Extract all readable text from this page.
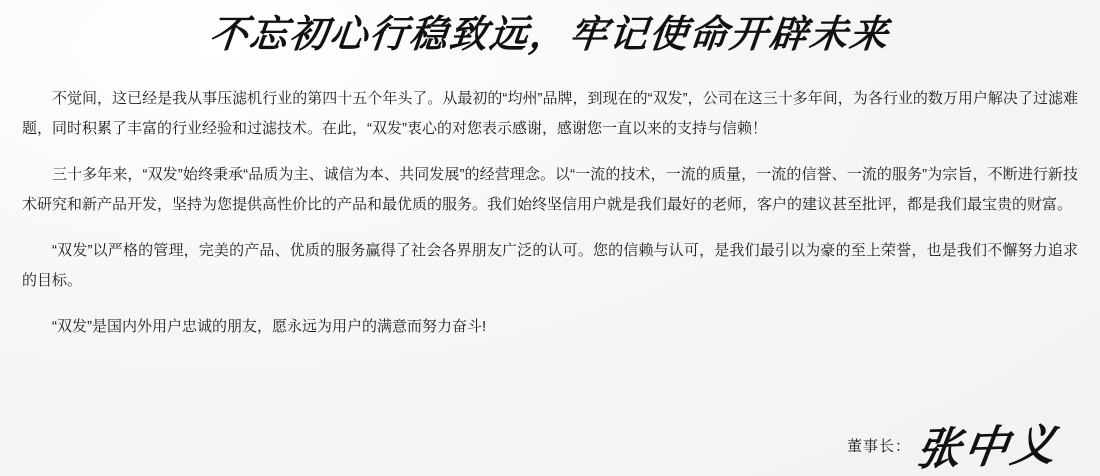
不忘初心行稳致远，牢记使命开辟未来

不觉间，这已经是我从事压滤机行业的第四十五个年头了。从最初的“均州”品牌，到现在的“双发”，公司在这三十多年间，为各行业的数万用户解决了过滤难题，同时积累了丰富的行业经验和过滤技术。在此，“双发”衷心的对您表示感谢，感谢您一直以来的支持与信赖！

三十多年来，“双发”始终秉承“品质为主、诚信为本、共同发展”的经营理念。以“一流的技术，一流的质量，一流的信誉、一流的服务”为宗旨，不断进行新技术研究和新产品开发，坚持为您提供高性价比的产品和最优质的服务。我们始终坚信用户就是我们最好的老师，客户的建议甚至批评，都是我们最宝贵的财富。

“双发”以严格的管理，完美的产品、优质的服务赢得了社会各界朋友广泛的认可。您的信赖与认可，是我们最引以为豪的至上荣誉，也是我们不懈努力追求的目标。

“双发”是国内外用户忠诚的朋友，愿永远为用户的满意而努力奋斗!

董事长： 张中义
